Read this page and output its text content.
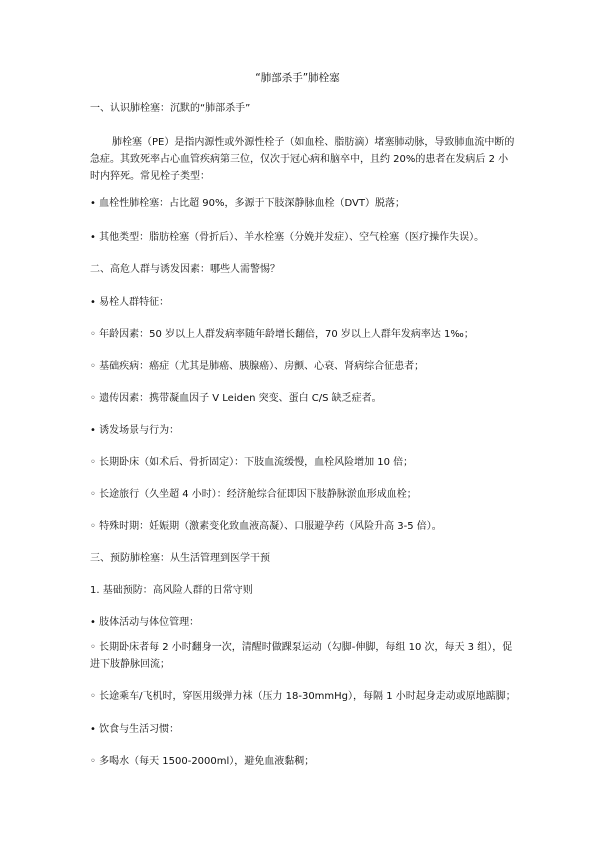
“肺部杀手”肺栓塞
一、认识肺栓塞：沉默的“肺部杀手”
肺栓塞（PE）是指内源性或外源性栓子（如血栓、脂肪滴）堵塞肺动脉，导致肺血流中断的急症。其致死率占心血管疾病第三位，仅次于冠心病和脑卒中，且约 20%的患者在发病后 2 小时内猝死。常见栓子类型：
• 血栓性肺栓塞：占比超 90%，多源于下肢深静脉血栓（DVT）脱落；
• 其他类型：脂肪栓塞（骨折后）、羊水栓塞（分娩并发症）、空气栓塞（医疗操作失误）。
二、高危人群与诱发因素：哪些人需警惕？
• 易栓人群特征：
◦ 年龄因素：50 岁以上人群发病率随年龄增长翻倍，70 岁以上人群年发病率达 1‰；
◦ 基础疾病：癌症（尤其是肺癌、胰腺癌）、房颤、心衰、肾病综合征患者；
◦ 遗传因素：携带凝血因子 V Leiden 突变、蛋白 C/S 缺乏症者。
• 诱发场景与行为：
◦ 长期卧床（如术后、骨折固定）：下肢血流缓慢，血栓风险增加 10 倍；
◦ 长途旅行（久坐超 4 小时）：经济舱综合征即因下肢静脉淤血形成血栓；
◦ 特殊时期：妊娠期（激素变化致血液高凝）、口服避孕药（风险升高 3-5 倍）。
三、预防肺栓塞：从生活管理到医学干预
1. 基础预防：高风险人群的日常守则
• 肢体活动与体位管理：
◦ 长期卧床者每 2 小时翻身一次，清醒时做踝泵运动（勾脚-伸脚，每组 10 次，每天 3 组），促进下肢静脉回流；
◦ 长途乘车/飞机时，穿医用级弹力袜（压力 18-30mmHg），每隔 1 小时起身走动或原地踮脚；
• 饮食与生活习惯：
◦ 多喝水（每天 1500-2000ml），避免血液黏稠；
